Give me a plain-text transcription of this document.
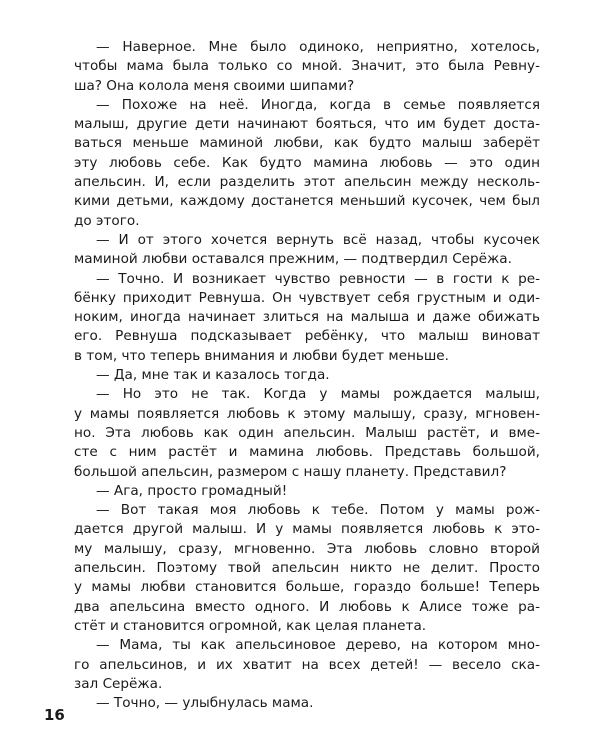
— Наверное. Мне было одиноко, неприятно, хотелось,
чтобы мама была только со мной. Значит, это была Ревну-
ша? Она колола меня своими шипами?
— Похоже на неё. Иногда, когда в семье появляется
малыш, другие дети начинают бояться, что им будет доста-
ваться меньше маминой любви, как будто малыш заберёт
эту любовь себе. Как будто мамина любовь — это один
апельсин. И, если разделить этот апельсин между несколь-
кими детьми, каждому достанется меньший кусочек, чем был
до этого.
— И от этого хочется вернуть всё назад, чтобы кусочек
маминой любви оставался прежним, — подтвердил Серёжа.
— Точно. И возникает чувство ревности — в гости к ре-
бёнку приходит Ревнуша. Он чувствует себя грустным и оди-
ноким, иногда начинает злиться на малыша и даже обижать
его. Ревнуша подсказывает ребёнку, что малыш виноват
в том, что теперь внимания и любви будет меньше.
— Да, мне так и казалось тогда.
— Но это не так. Когда у мамы рождается малыш,
у мамы появляется любовь к этому малышу, сразу, мгновен-
но. Эта любовь как один апельсин. Малыш растёт, и вме-
сте с ним растёт и мамина любовь. Представь большой,
большой апельсин, размером с нашу планету. Представил?
— Ага, просто громадный!
— Вот такая моя любовь к тебе. Потом у мамы рож-
дается другой малыш. И у мамы появляется любовь к это-
му малышу, сразу, мгновенно. Эта любовь словно второй
апельсин. Поэтому твой апельсин никто не делит. Просто
у мамы любви становится больше, гораздо больше! Теперь
два апельсина вместо одного. И любовь к Алисе тоже ра-
стёт и становится огромной, как целая планета.
— Мама, ты как апельсиновое дерево, на котором мно-
го апельсинов, и их хватит на всех детей! — весело ска-
зал Серёжа.
— Точно, — улыбнулась мама.
16
